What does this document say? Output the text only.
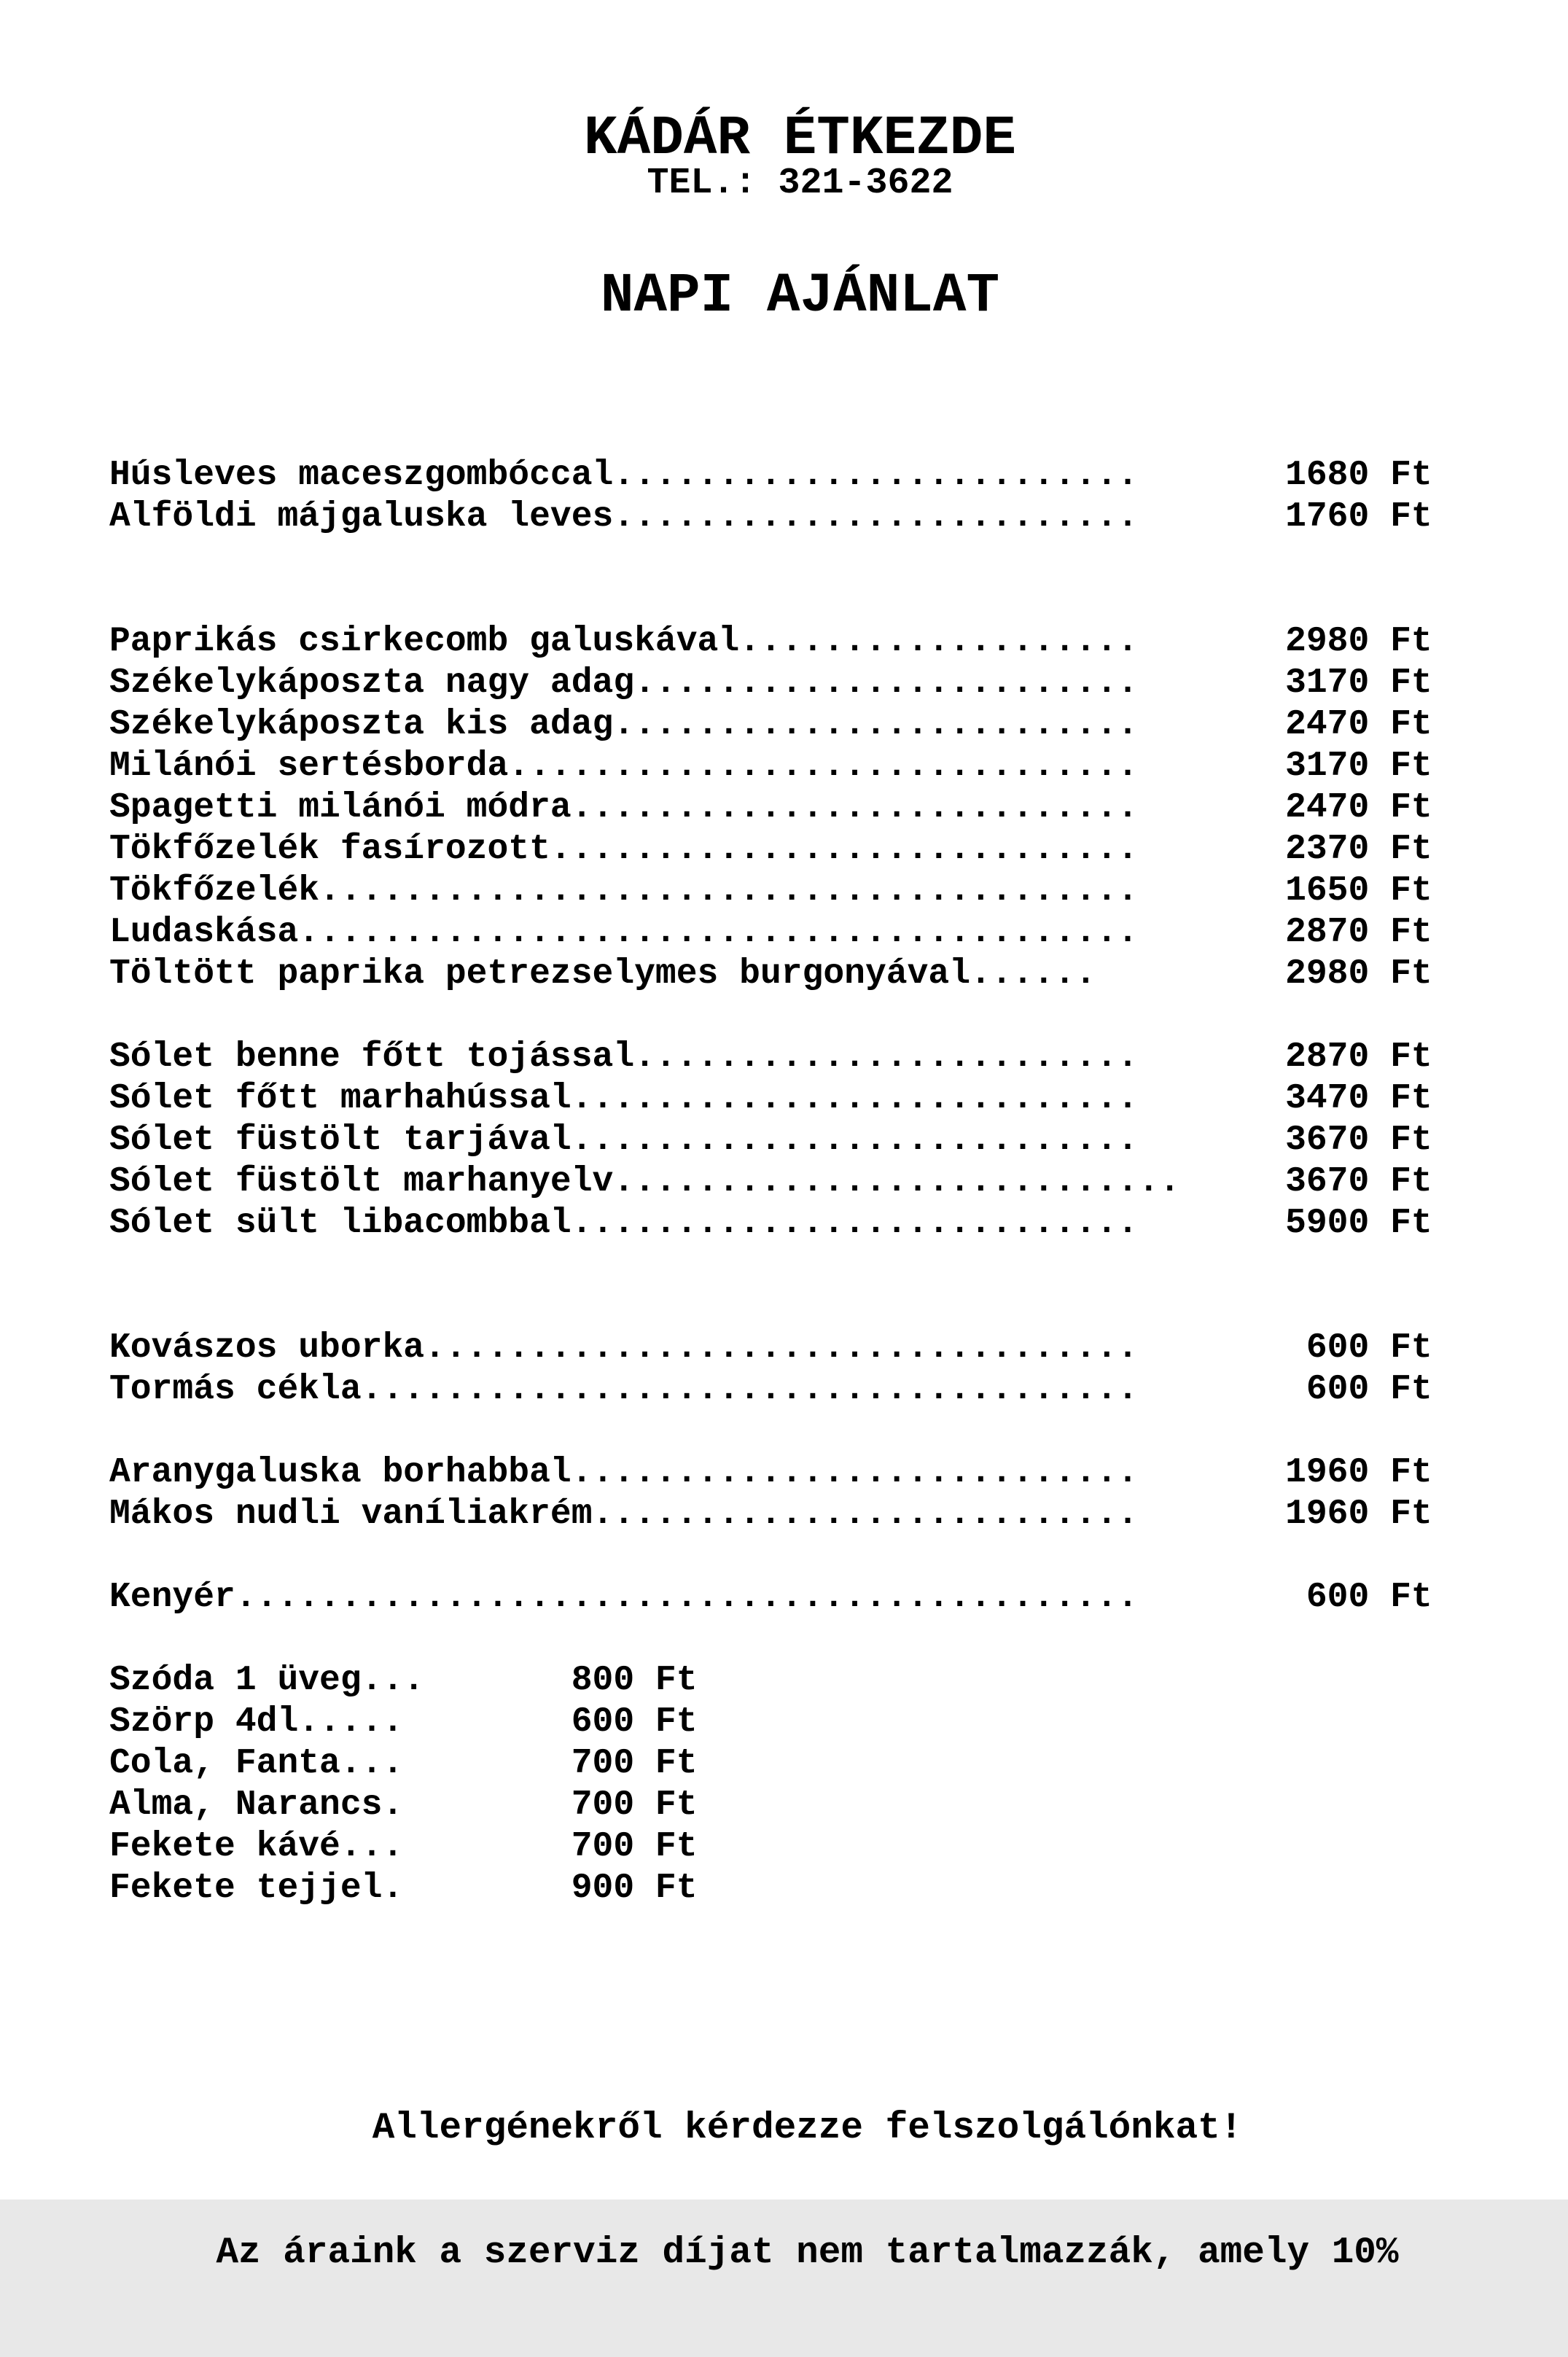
KÁDÁR ÉTKEZDE
TEL.: 321-3622
NAPI AJÁNLAT
Húsleves maceszgombóccal.........................       1680 Ft
Alföldi májgaluska leves.........................       1760 Ft
Paprikás csirkecomb galuskával...................       2980 Ft
Székelykáposzta nagy adag........................       3170 Ft
Székelykáposzta kis adag.........................       2470 Ft
Milánói sertésborda..............................       3170 Ft
Spagetti milánói módra...........................       2470 Ft
Tökfőzelék fasírozott............................       2370 Ft
Tökfőzelék.......................................       1650 Ft
Ludaskása........................................       2870 Ft
Töltött paprika petrezselymes burgonyával......         2980 Ft
Sólet benne főtt tojással........................       2870 Ft
Sólet főtt marhahússal...........................       3470 Ft
Sólet füstölt tarjával...........................       3670 Ft
Sólet füstölt marhanyelv...........................     3670 Ft
Sólet sült libacombbal...........................       5900 Ft
Kovászos uborka..................................        600 Ft
Tormás cékla.....................................        600 Ft
Aranygaluska borhabbal...........................       1960 Ft
Mákos nudli vaníliakrém..........................       1960 Ft
Kenyér...........................................        600 Ft
Szóda 1 üveg...       800 Ft
Szörp 4dl.....        600 Ft
Cola, Fanta...        700 Ft
Alma, Narancs.        700 Ft
Fekete kávé...        700 Ft
Fekete tejjel.        900 Ft

Allergénekről kérdezze felszolgálónkat!

Az áraink a szerviz díjat nem tartalmazzák, amely 10%
